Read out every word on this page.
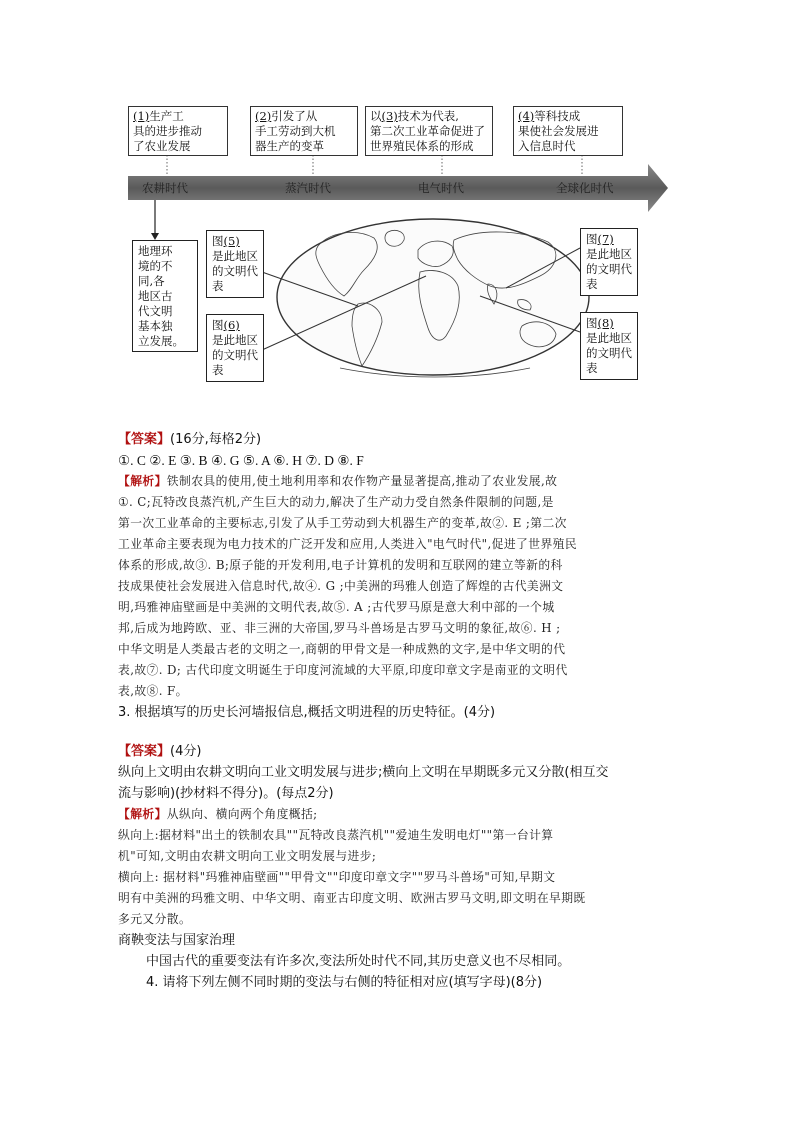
(1)生产工
具的进步推动
了农业发展
(2)引发了从
手工劳动到大机
器生产的变革
以(3)技术为代表,
第二次工业革命促进了
世界殖民体系的形成
(4)等科技成
果使社会发展进
入信息时代
农耕时代	蒸汽时代	电气时代	全球化时代
地理环
境的不
同,各
地区古
代文明
基本独
立发展。
图(5)
是此地区
的文明代
表
图(6)
是此地区
的文明代
表
图(7)
是此地区
的文明代
表
图(8)
是此地区
的文明代
表
【答案】(16分,每格2分)
①. C ②. E ③. B ④. G ⑤. A ⑥. H ⑦. D ⑧. F
【解析】铁制农具的使用,使土地利用率和农作物产量显著提高,推动了农业发展,故
①. C;瓦特改良蒸汽机,产生巨大的动力,解决了生产动力受自然条件限制的问题,是
第一次工业革命的主要标志,引发了从手工劳动到大机器生产的变革,故②. E ;第二次
工业革命主要表现为电力技术的广泛开发和应用,人类进入"电气时代",促进了世界殖民
体系的形成,故③. B;原子能的开发利用,电子计算机的发明和互联网的建立等新的科
技成果使社会发展进入信息时代,故④. G ;中美洲的玛雅人创造了辉煌的古代美洲文
明,玛雅神庙壁画是中美洲的文明代表,故⑤. A ;古代罗马原是意大利中部的一个城
邦,后成为地跨欧、亚、非三洲的大帝国,罗马斗兽场是古罗马文明的象征,故⑥. H ;
中华文明是人类最古老的文明之一,商朝的甲骨文是一种成熟的文字,是中华文明的代
表,故⑦. D; 古代印度文明诞生于印度河流域的大平原,印度印章文字是南亚的文明代
表,故⑧. F。
3. 根据填写的历史长河墙报信息,概括文明进程的历史特征。(4分)
【答案】(4分)
纵向上文明由农耕文明向工业文明发展与进步;横向上文明在早期既多元又分散(相互交
流与影响)(抄材料不得分)。(每点2分)
【解析】从纵向、横向两个角度概括;
纵向上:据材料"出土的铁制农具""瓦特改良蒸汽机""爱迪生发明电灯""第一台计算
机"可知,文明由农耕文明向工业文明发展与进步;
横向上: 据材料"玛雅神庙壁画""甲骨文""印度印章文字""罗马斗兽场"可知,早期文
明有中美洲的玛雅文明、中华文明、南亚古印度文明、欧洲古罗马文明,即文明在早期既
多元又分散。
商鞅变法与国家治理
中国古代的重要变法有许多次,变法所处时代不同,其历史意义也不尽相同。
4. 请将下列左侧不同时期的变法与右侧的特征相对应(填写字母)(8分)
